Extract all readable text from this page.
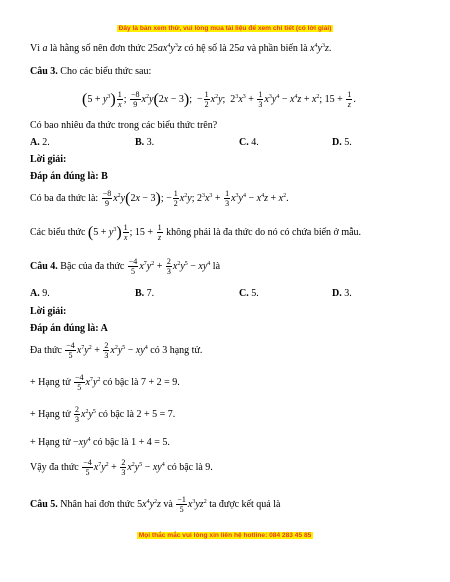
Đây là bản xem thử, vui lòng mua tài liệu để xem chi tiết (có lời giải)
Vì a là hằng số nên đơn thức $25ax^4y^3z$ có hệ số là 25a và phần biến là $x^4y^3z$.
Câu 3. Cho các biểu thức sau:
$(5 + y^3) \frac{1}{x}$ ; $\frac{-8}{9} x^2y(2x - 3)$;  − $\frac{1}{2} x^2y$;  $2^3x^3 + \frac{1}{3} x^3y^4 - x^4z + x^2$; $15 + \frac{1}{z}$ .
Có bao nhiêu đa thức trong các biểu thức trên?
A. 2.	B. 3.	C. 4.	D. 5.
Lời giải:
Đáp án đúng là: B
Có ba đa thức là: $\frac{-8}{9} x^2y(2x - 3)$; − $\frac{1}{2} x^2y$; $2^3x^3 + \frac{1}{3} x^3y^4 - x^4z + x^2$.
Các biểu thức $(5 + y^3) \frac{1}{x}$ ; $15 + \frac{1}{z}$ không phải là đa thức do nó có chứa biến ở mẫu.
Câu 4. Bậc của đa thức $\frac{-4}{5} x^7y^2 + \frac{2}{3} x^2y^5 - xy^4$ là
A. 9.	B. 7.	C. 5.	D. 3.
Lời giải:
Đáp án đúng là: A
Đa thức $\frac{-4}{5} x^7y^2 + \frac{2}{3} x^2y^5 - xy^4$ có 3 hạng tử.
+ Hạng tử $\frac{-4}{5} x^7y^2$ có bậc là 7 + 2 = 9.
+ Hạng tử $\frac{2}{3} x^2y^5$ có bậc là 2 + 5 = 7.
+ Hạng tử $-xy^4$ có bậc là 1 + 4 = 5.
Vậy đa thức $\frac{-4}{5} x^7y^2 + \frac{2}{3} x^2y^5 - xy^4$ có bậc là 9.
Câu 5. Nhân hai đơn thức $5x^4y^2z$ và $\frac{-1}{5} x^3yz^2$ ta được kết quả là
Mọi thắc mắc vui lòng xin liên hệ hotline: 084 283 45 85
